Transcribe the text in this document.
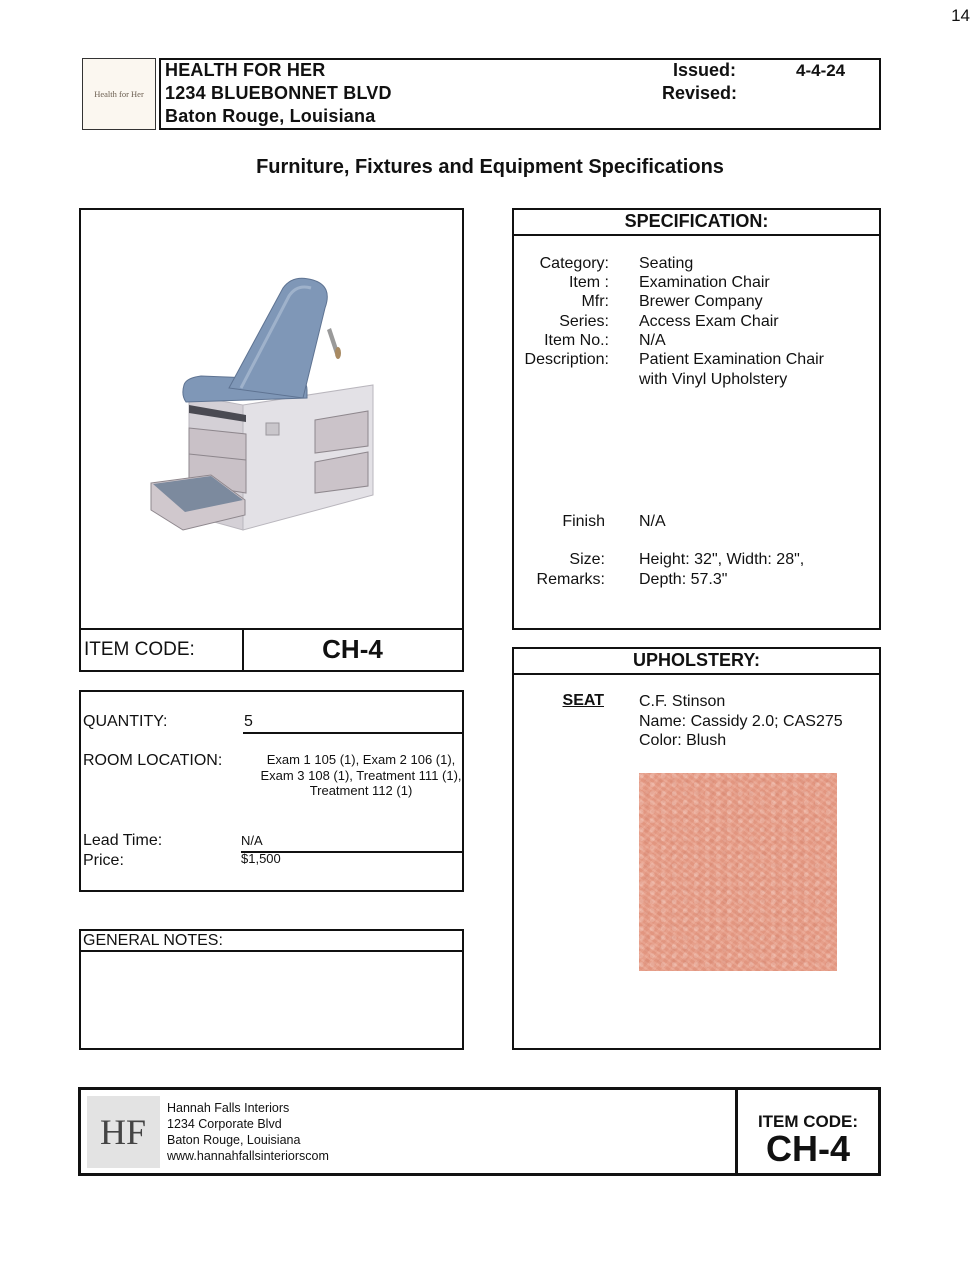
14
Health for Her
HEALTH FOR HER
1234 BLUEBONNET BLVD
Baton Rouge, Louisiana
Issued:	4-4-24
Revised:
Furniture, Fixtures and Equipment Specifications
ITEM CODE:	CH-4
QUANTITY:	5
ROOM LOCATION:	Exam 1 105 (1), Exam 2 106 (1), Exam 3 108 (1), Treatment 111 (1), Treatment 112 (1)
Lead Time:	N/A
Price:	$1,500
GENERAL NOTES:
SPECIFICATION:
Category: Seating
Item : Examination Chair
Mfr: Brewer Company
Series: Access Exam Chair
Item No.: N/A
Description: Patient Examination Chair
with Vinyl Upholstery
Finish N/A
Size: Height: 32", Width: 28",
Remarks: Depth: 57.3"
UPHOLSTERY:
SEAT C.F. Stinson
Name: Cassidy 2.0; CAS275
Color: Blush
HF
Hannah Falls Interiors
1234 Corporate Blvd
Baton Rouge, Louisiana
www.hannahfallsinteriorscom
ITEM CODE:
CH-4
